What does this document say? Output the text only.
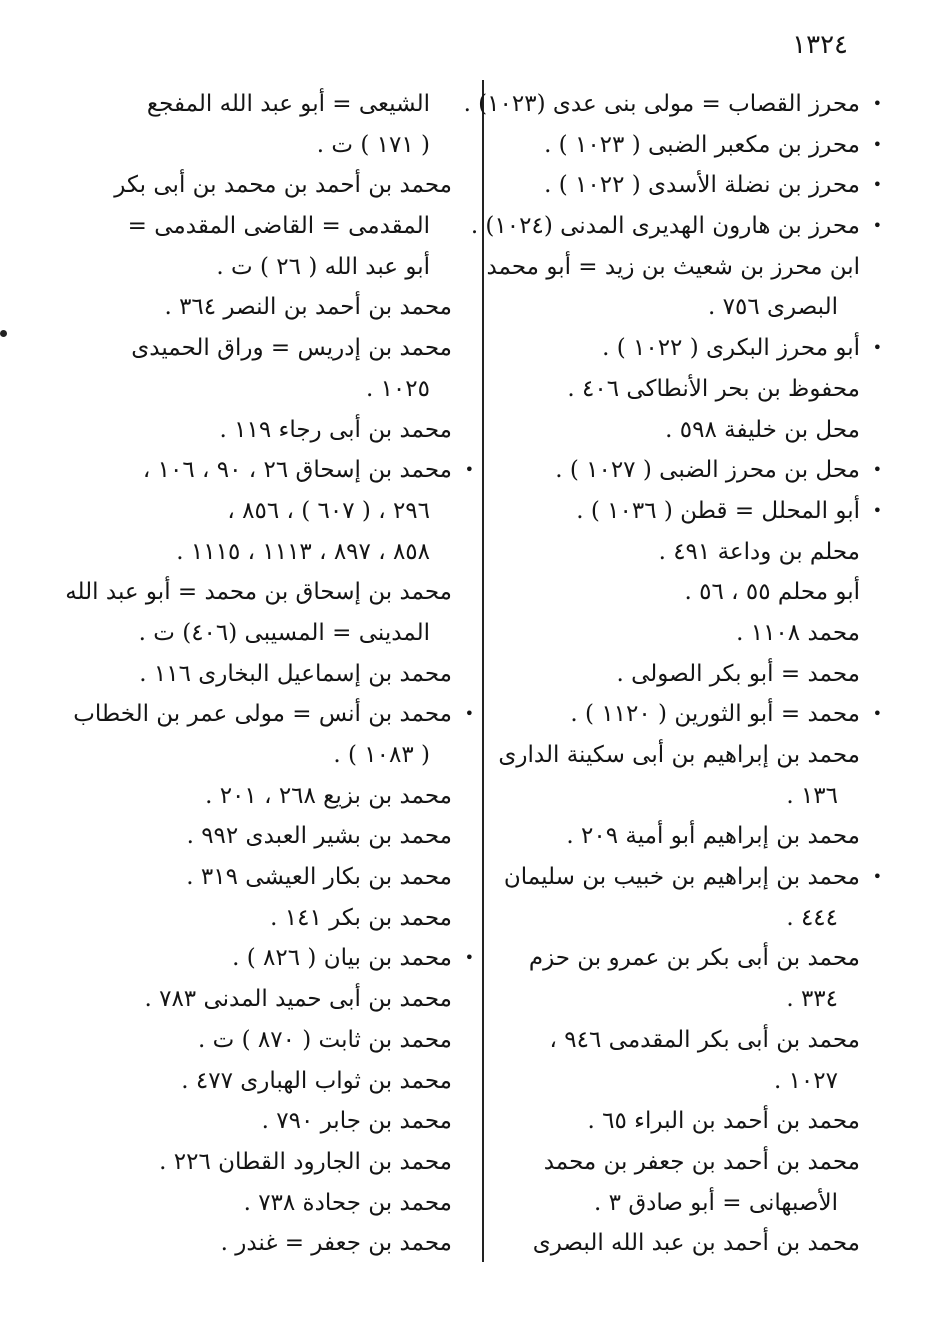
١٣٢٤
•
محرز القصاب = مولى بنى عدى (١٠٢٣) .
•
محرز بن مكعبر الضبى ( ١٠٢٣ ) .
•
محرز بن نضلة الأسدى ( ١٠٢٢ ) .
•
محرز بن هارون الهديرى المدنى (١٠٢٤) .
ابن محرز بن شعيث بن زيد = أبو محمد
البصرى ٧٥٦ .
•
أبو محرز البكرى ( ١٠٢٢ ) .
محفوظ بن بحر الأنطاكى ٤٠٦ .
محل بن خليفة ٥٩٨ .
•
محل بن محرز الضبى ( ١٠٢٧ ) .
•
أبو المحلل = قطن ( ١٠٣٦ ) .
محلم بن وداعة ٤٩١ .
أبو محلم ٥٥ ، ٥٦ .
محمد ١١٠٨ .
محمد = أبو بكر الصولى .
•
محمد = أبو الثورين ( ١١٢٠ ) .
محمد بن إبراهيم بن أبى سكينة الدارى
١٣٦ .
محمد بن إبراهيم أبو أمية ٢٠٩ .
•
محمد بن إبراهيم بن خبيب بن سليمان
٤٤٤ .
محمد بن أبى بكر بن عمرو بن حزم
٣٣٤ .
محمد بن أبى بكر المقدمى ٩٤٦ ،
١٠٢٧ .
محمد بن أحمد بن البراء ٦٥ .
محمد بن أحمد بن جعفر بن محمد
الأصبهانى = أبو صادق ٣ .
محمد بن أحمد بن عبد الله البصرى
الشيعى = أبو عبد الله المفجع
( ١٧١ ) ت .
محمد بن أحمد بن محمد بن أبى بكر
المقدمى = القاضى المقدمى =
أبو عبد الله ( ٢٦ ) ت .
محمد بن أحمد بن النصر ٣٦٤ .
محمد بن إدريس = وراق الحميدى
١٠٢٥ .
محمد بن أبى رجاء ١١٩ .
•
محمد بن إسحاق ٢٦ ، ٩٠ ، ١٠٦ ،
٢٩٦ ، ( ٦٠٧ ) ، ٨٥٦ ،
٨٥٨ ، ٨٩٧ ، ١١١٣ ، ١١١٥ .
محمد بن إسحاق بن محمد = أبو عبد الله
المدينى = المسيبى (٤٠٦) ت .
محمد بن إسماعيل البخارى ١١٦ .
•
محمد بن أنس = مولى عمر بن الخطاب
( ١٠٨٣ ) .
محمد بن بزيع ٢٦٨ ، ٢٠١ .
محمد بن بشير العبدى ٩٩٢ .
محمد بن بكار العيشى ٣١٩ .
محمد بن بكر ١٤١ .
•
محمد بن بيان ( ٨٢٦ ) .
محمد بن أبى حميد المدنى ٧٨٣ .
محمد بن ثابت ( ٨٧٠ ) ت .
محمد بن ثواب الهبارى ٤٧٧ .
محمد بن جابر ٧٩٠ .
محمد بن الجارود القطان ٢٢٦ .
محمد بن جحادة ٧٣٨ .
محمد بن جعفر = غندر .
